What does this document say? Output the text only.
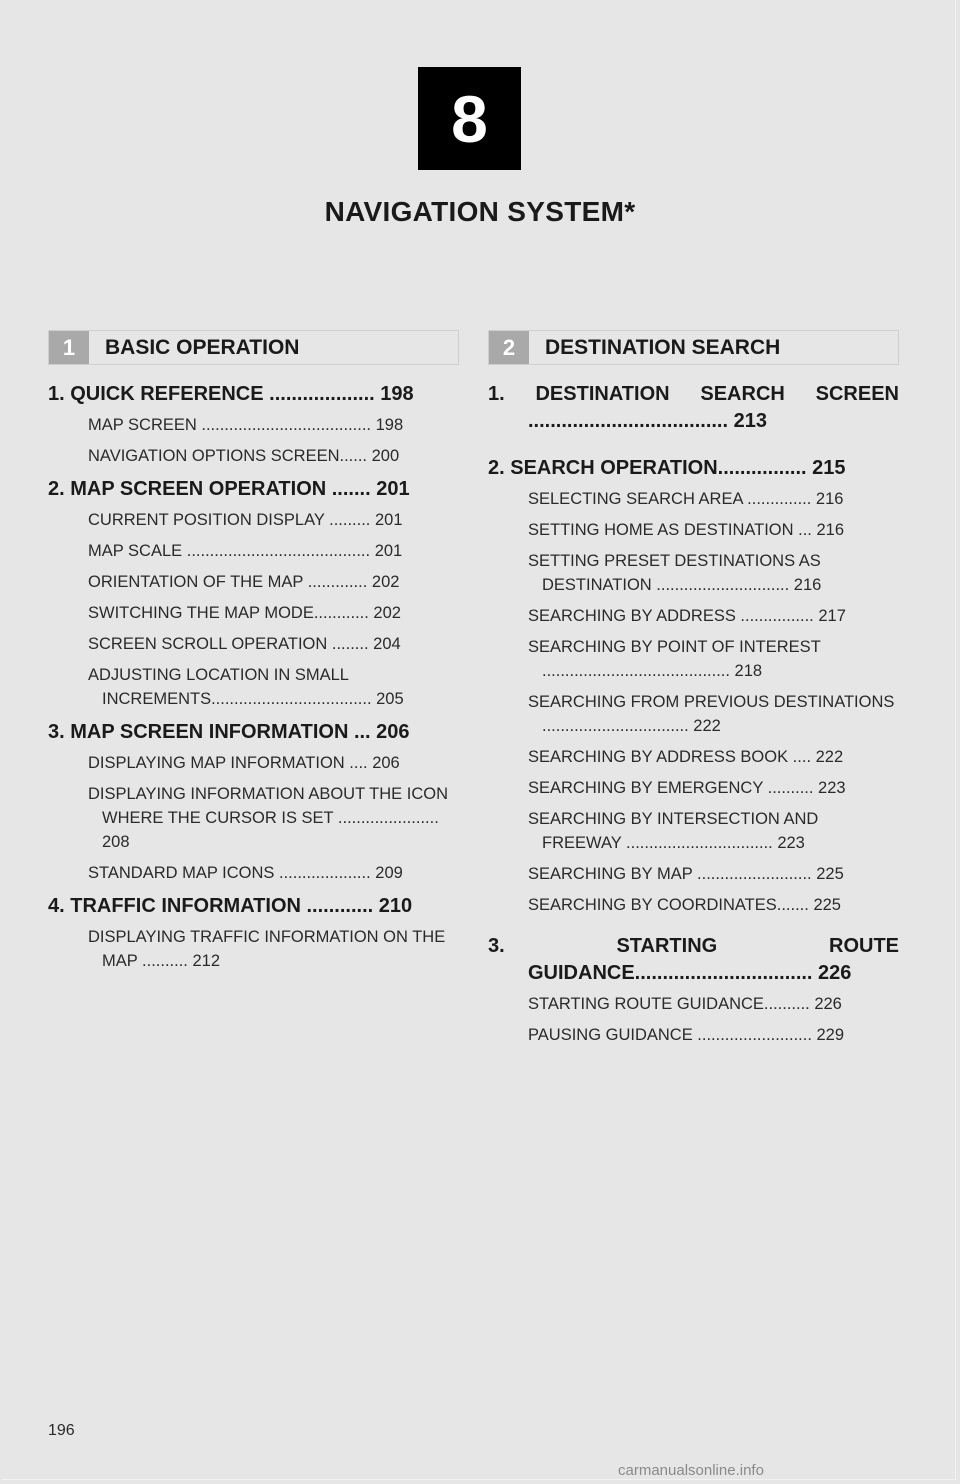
8
NAVIGATION SYSTEM*
1	BASIC OPERATION
1. QUICK REFERENCE ................... 198
MAP SCREEN ..................................... 198
NAVIGATION OPTIONS SCREEN...... 200
2. MAP SCREEN OPERATION ....... 201
CURRENT POSITION DISPLAY ......... 201
MAP SCALE ........................................ 201
ORIENTATION OF THE MAP ............. 202
SWITCHING THE MAP MODE............ 202
SCREEN SCROLL OPERATION ........ 204
ADJUSTING LOCATION IN SMALL INCREMENTS................................... 205
3. MAP SCREEN INFORMATION ... 206
DISPLAYING MAP INFORMATION .... 206
DISPLAYING INFORMATION ABOUT THE ICON WHERE THE CURSOR IS SET ...................... 208
STANDARD MAP ICONS .................... 209
4. TRAFFIC INFORMATION ............ 210
DISPLAYING TRAFFIC INFORMATION ON THE MAP .......... 212
2	DESTINATION SEARCH
1. DESTINATION SEARCH SCREEN .................................... 213
2. SEARCH OPERATION................ 215
SELECTING SEARCH AREA .............. 216
SETTING HOME AS DESTINATION ... 216
SETTING PRESET DESTINATIONS AS DESTINATION ............................. 216
SEARCHING BY ADDRESS ................ 217
SEARCHING BY POINT OF INTEREST ......................................... 218
SEARCHING FROM PREVIOUS DESTINATIONS ................................ 222
SEARCHING BY ADDRESS BOOK .... 222
SEARCHING BY EMERGENCY .......... 223
SEARCHING BY INTERSECTION AND FREEWAY ................................ 223
SEARCHING BY MAP ......................... 225
SEARCHING BY COORDINATES....... 225
3. STARTING ROUTE GUIDANCE................................ 226
STARTING ROUTE GUIDANCE.......... 226
PAUSING GUIDANCE ......................... 229
196
carmanualsonline.info
